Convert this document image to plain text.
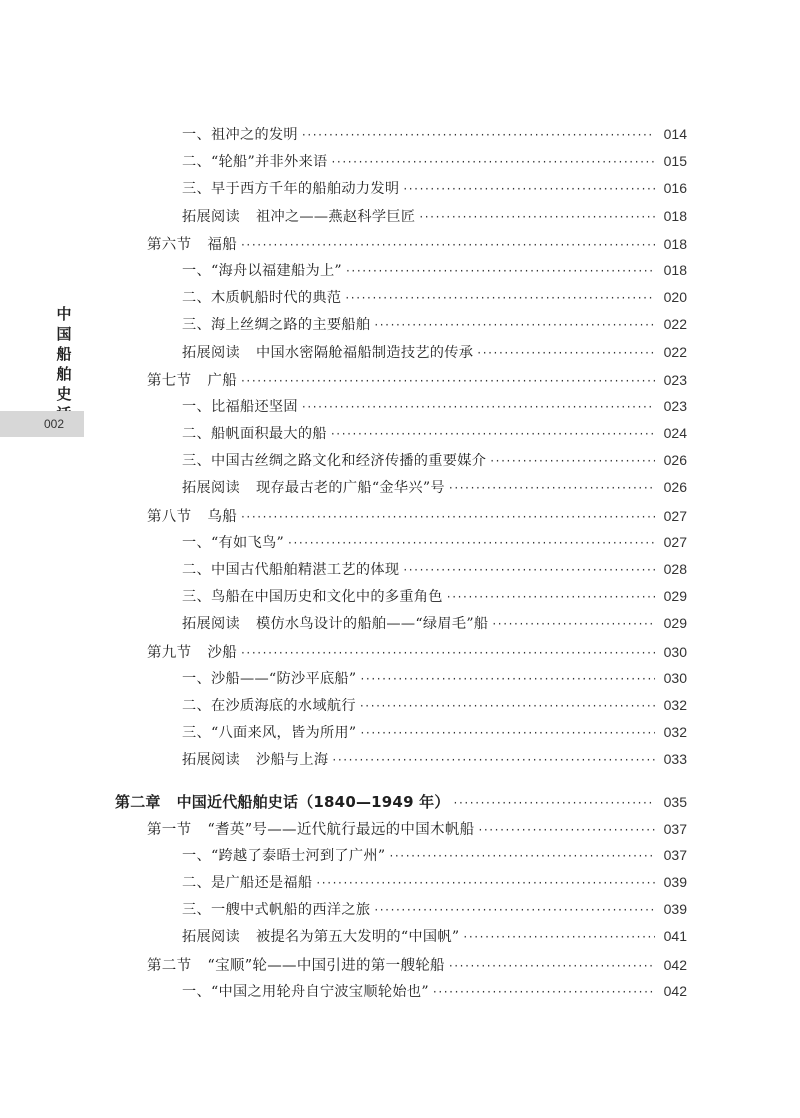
中
国
船
舶
史
002
一、祖冲之的发明 ·····	014
二、“轮船”并非外来语 ·····	015
三、早于西方千年的船舶动力发明 ·····	016
拓展阅读 祖冲之——燕赵科学巨匠 ·····	018
第六节 福船 ·····	018
一、“海舟以福建船为上” ·····	018
二、木质帆船时代的典范 ·····	020
三、海上丝绸之路的主要船舶 ·····	022
拓展阅读 中国水密隔舱福船制造技艺的传承 ·····	022
第七节 广船 ·····	023
一、比福船还坚固 ·····	023
二、船帆面积最大的船 ·····	024
三、中国古丝绸之路文化和经济传播的重要媒介 ·····	026
拓展阅读 现存最古老的广船“金华兴”号 ·····	026
第八节 乌船 ·····	027
一、“有如飞鸟” ·····	027
二、中国古代船舶精湛工艺的体现 ·····	028
三、鸟船在中国历史和文化中的多重角色 ·····	029
拓展阅读 模仿水鸟设计的船舶——“绿眉毛”船 ·····	029
第九节 沙船 ·····	030
一、沙船——“防沙平底船” ·····	030
二、在沙质海底的水域航行 ·····	032
三、“八面来风，皆为所用” ·····	032
拓展阅读 沙船与上海 ·····	033
第二章 中国近代船舶史话（1840—1949 年） ·····	035
第一节 “耆英”号——近代航行最远的中国木帆船 ·····	037
一、“跨越了泰晤士河到了广州” ·····	037
二、是广船还是福船 ·····	039
三、一艘中式帆船的西洋之旅 ·····	039
拓展阅读 被提名为第五大发明的“中国帆” ·····	041
第二节 “宝顺”轮——中国引进的第一艘轮船 ·····	042
一、“中国之用轮舟自宁波宝顺轮始也” ·····	042
